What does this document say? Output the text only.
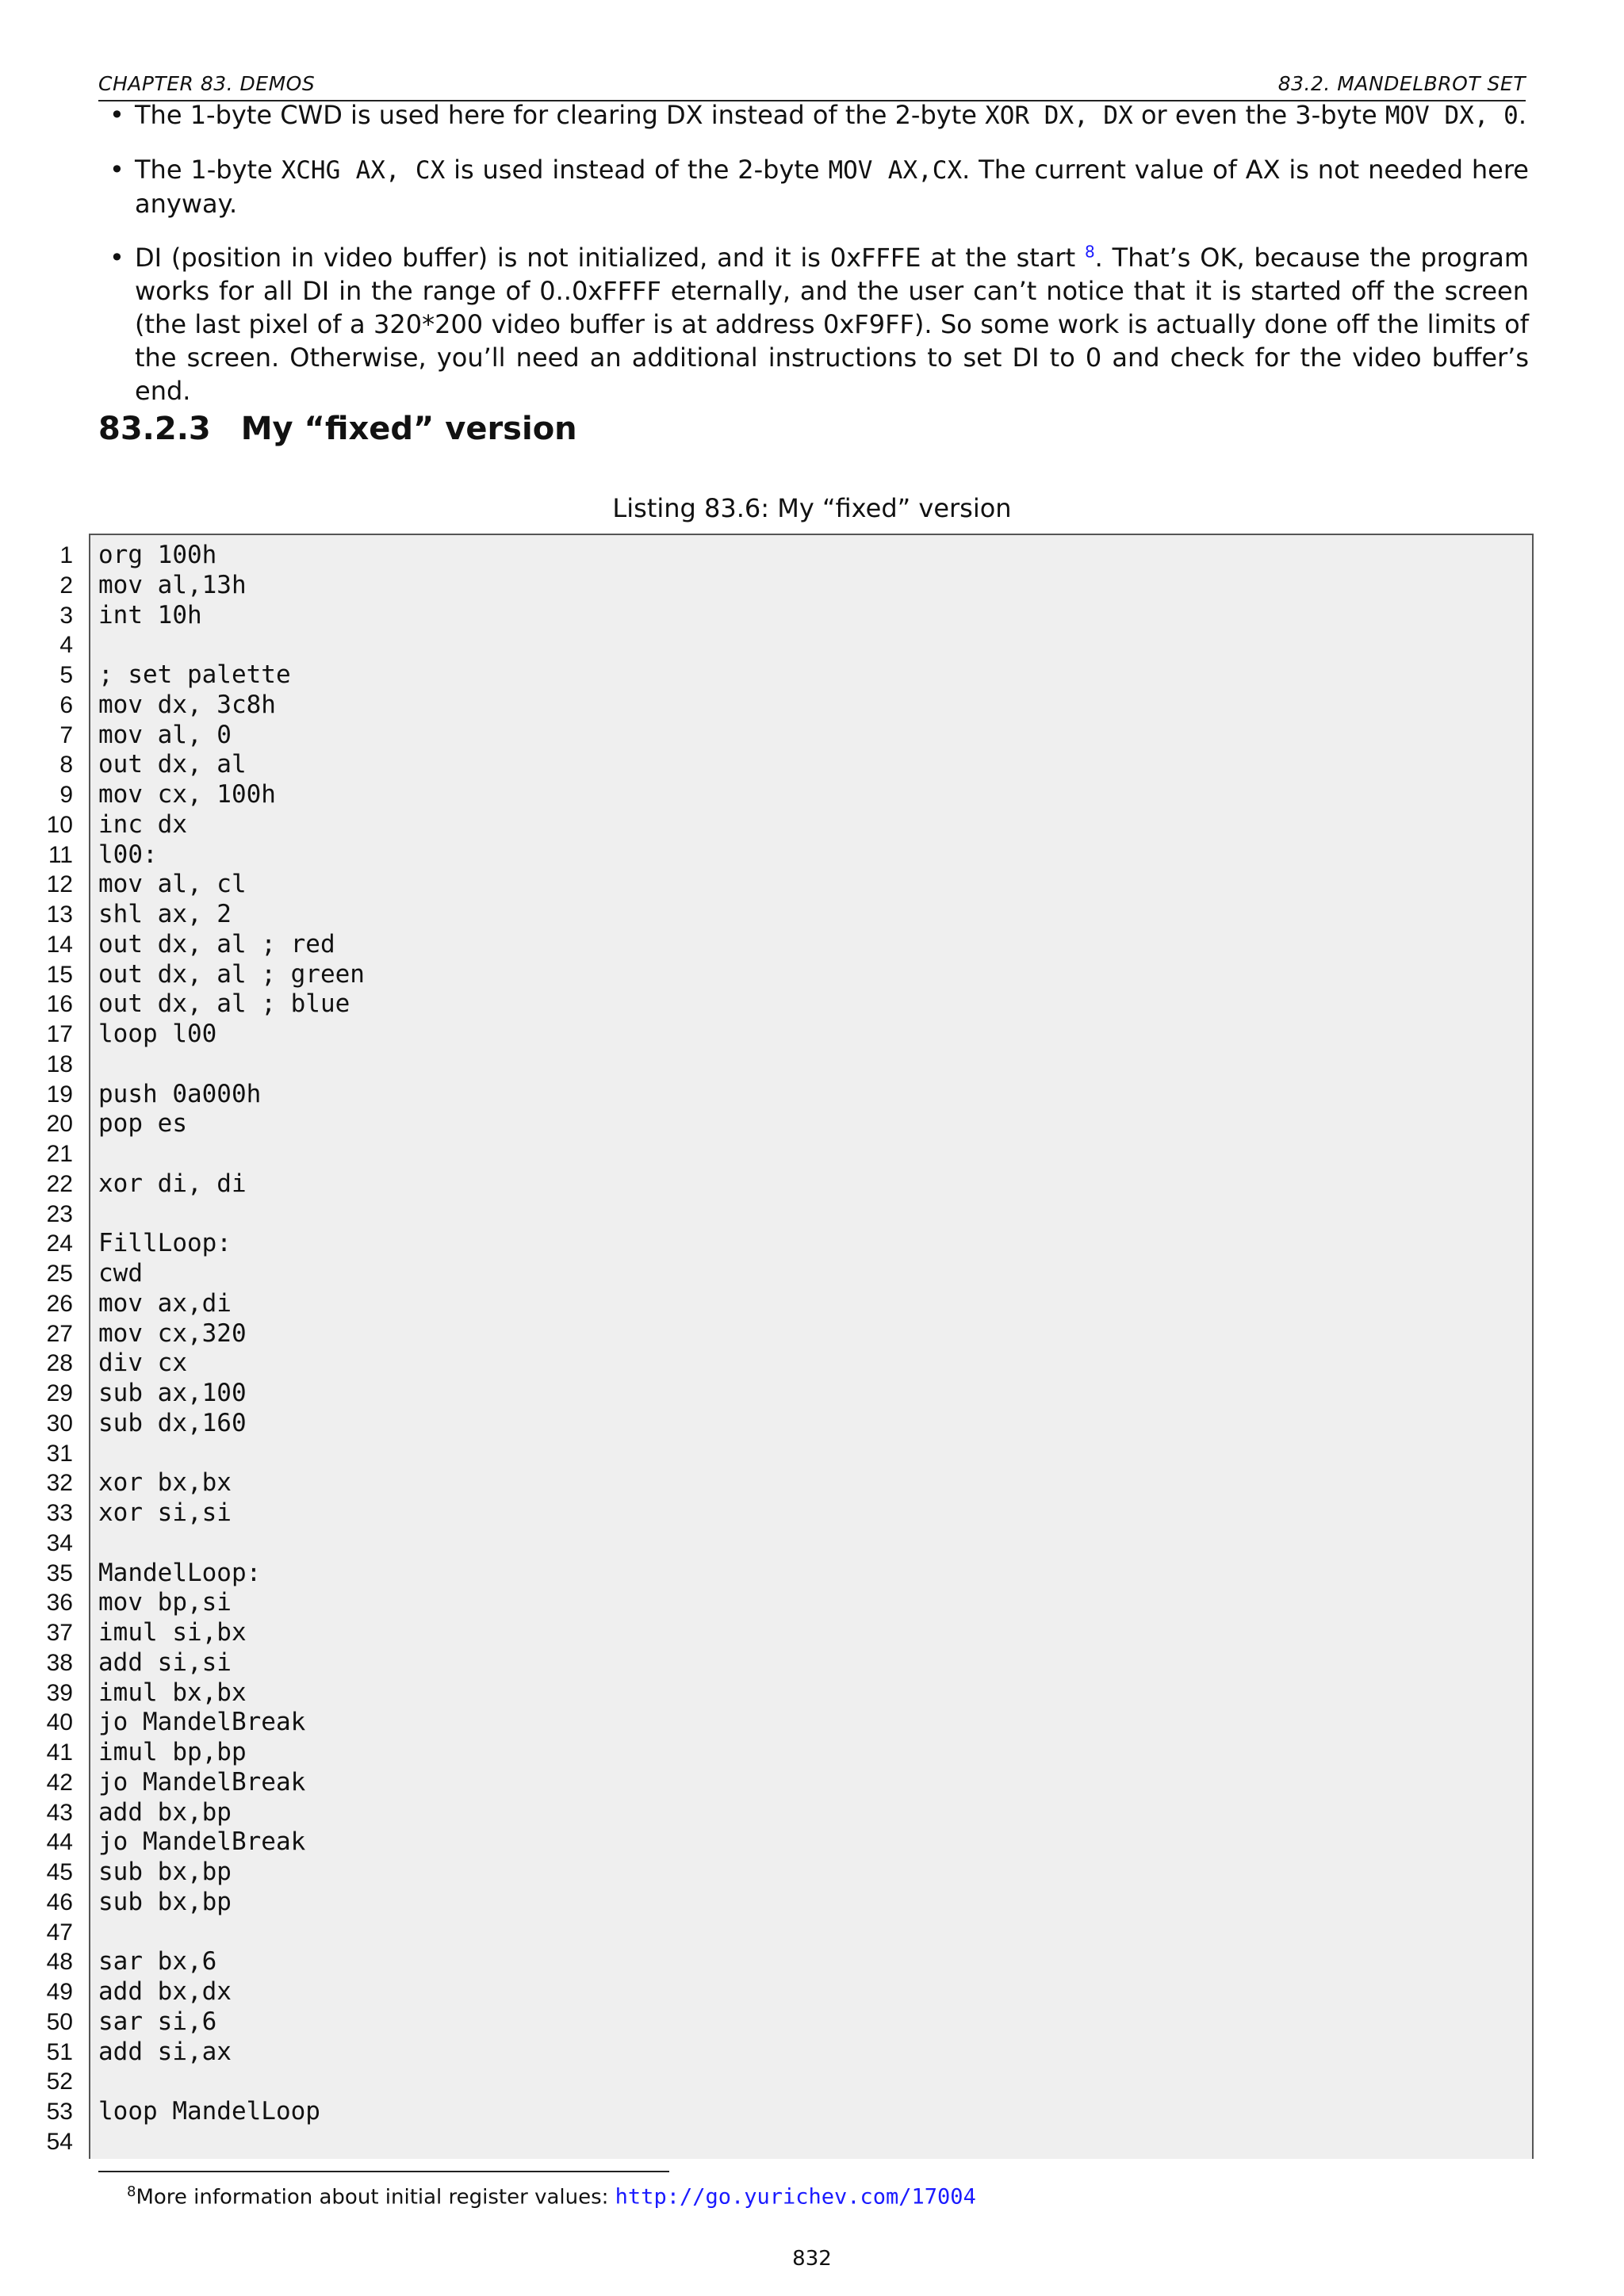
CHAPTER 83. DEMOS	83.2. MANDELBROT SET
• The 1-byte CWD is used here for clearing DX instead of the 2-byte XOR DX, DX or even the 3-byte MOV DX, 0.
• The 1-byte XCHG AX, CX is used instead of the 2-byte MOV AX,CX. The current value of AX is not needed here anyway.
• DI (position in video buffer) is not initialized, and it is 0xFFFE at the start $^8$. That’s OK, because the program works for all DI in the range of 0..0xFFFF eternally, and the user can’t notice that it is started off the screen (the last pixel of a 320*200 video buffer is at address 0xF9FF). So some work is actually done off the limits of the screen. Otherwise, you’ll need an additional instructions to set DI to 0 and check for the video buffer’s end.
83.2.3 My “fixed” version
Listing 83.6: My “fixed” version
1
2
3
4
5
6
7
8
9
10
11
12
13
14
15
16
17
18
19
20
21
22
23
24
25
26
27
28
29
30
31
32
33
34
35
36
37
38
39
40
41
42
43
44
45
46
47
48
49
50
51
52
53
54
org 100h
mov al,13h
int 10h
; set palette
mov dx, 3c8h
mov al, 0
out dx, al
mov cx, 100h
inc dx
l00:
mov al, cl
shl ax, 2
out dx, al ; red
out dx, al ; green
out dx, al ; blue
loop l00
push 0a000h
pop es
xor di, di
FillLoop:
cwd
mov ax,di
mov cx,320
div cx
sub ax,100
sub dx,160
xor bx,bx
xor si,si
MandelLoop:
mov bp,si
imul si,bx
add si,si
imul bx,bx
jo MandelBreak
imul bp,bp
jo MandelBreak
add bx,bp
jo MandelBreak
sub bx,bp
sub bx,bp
sar bx,6
add bx,dx
sar si,6
add si,ax
loop MandelLoop
$^8$More information about initial register values: http://go.yurichev.com/17004
832
